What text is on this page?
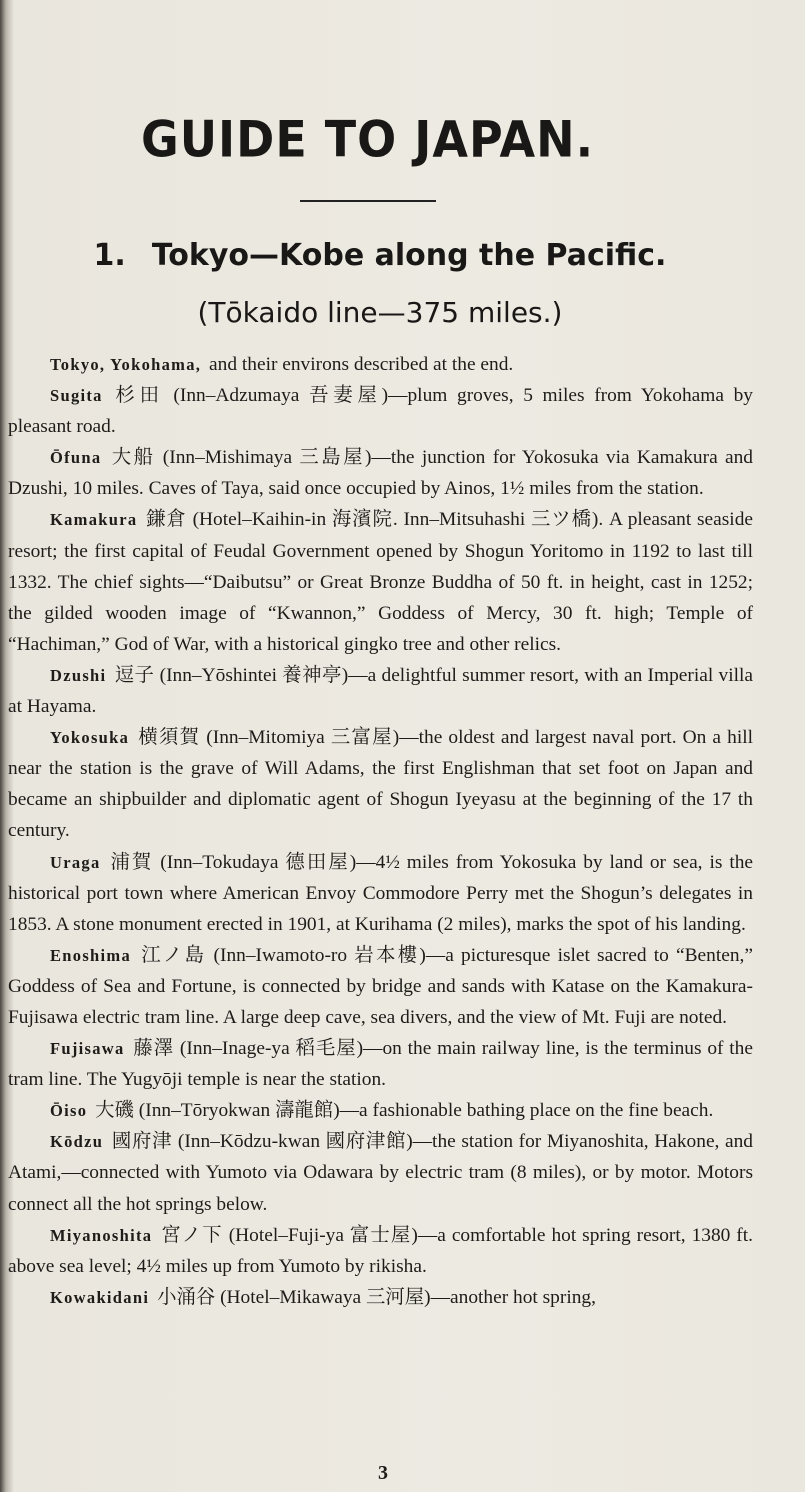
GUIDE TO JAPAN.
1. Tokyo—Kobe along the Pacific.
(Tōkaido line—375 miles.)

Tokyo, Yokohama, and their environs described at the end.

Sugita 杉田 (Inn–Adzumaya 吾妻屋)—plum groves, 5 miles from Yokohama by pleasant road.

Ōfuna 大船 (Inn–Mishimaya 三島屋)—the junction for Yokosuka via Kamakura and Dzushi, 10 miles. Caves of Taya, said once occupied by Ainos, 1½ miles from the station.

Kamakura 鎌倉 (Hotel–Kaihin-in 海濱院. Inn–Mitsuhashi 三ツ橋). A pleasant seaside resort; the first capital of Feudal Government opened by Shogun Yoritomo in 1192 to last till 1332. The chief sights—“Daibutsu” or Great Bronze Buddha of 50 ft. in height, cast in 1252; the gilded wooden image of “Kwannon,” Goddess of Mercy, 30 ft. high; Temple of “Hachiman,” God of War, with a historical gingko tree and other relics.

Dzushi 逗子 (Inn–Yōshintei 養神亭)—a delightful summer resort, with an Imperial villa at Hayama.

Yokosuka 横須賀 (Inn–Mitomiya 三富屋)—the oldest and largest naval port. On a hill near the station is the grave of Will Adams, the first Englishman that set foot on Japan and became an shipbuilder and diplomatic agent of Shogun Iyeyasu at the beginning of the 17 th century.

Uraga 浦賀 (Inn–Tokudaya 德田屋)—4½ miles from Yokosuka by land or sea, is the historical port town where American Envoy Commodore Perry met the Shogun’s delegates in 1853. A stone monument erected in 1901, at Kurihama (2 miles), marks the spot of his landing.

Enoshima 江ノ島 (Inn–Iwamoto-ro 岩本樓)—a picturesque islet sacred to “Benten,” Goddess of Sea and Fortune, is connected by bridge and sands with Katase on the Kamakura-Fujisawa electric tram line. A large deep cave, sea divers, and the view of Mt. Fuji are noted.

Fujisawa 藤澤 (Inn–Inage-ya 稻毛屋)—on the main railway line, is the terminus of the tram line. The Yugyōji temple is near the station.

Ōiso 大磯 (Inn–Tōryokwan 濤龍館)—a fashionable bathing place on the fine beach.

Kōdzu 國府津 (Inn–Kōdzu-kwan 國府津館)—the station for Miyanoshita, Hakone, and Atami,—connected with Yumoto via Odawara by electric tram (8 miles), or by motor. Motors connect all the hot springs below.

Miyanoshita 宮ノ下 (Hotel–Fuji-ya 富士屋)—a comfortable hot spring resort, 1380 ft. above sea level; 4½ miles up from Yumoto by rikisha.

Kowakidani 小涌谷 (Hotel–Mikawaya 三河屋)—another hot spring,

3
